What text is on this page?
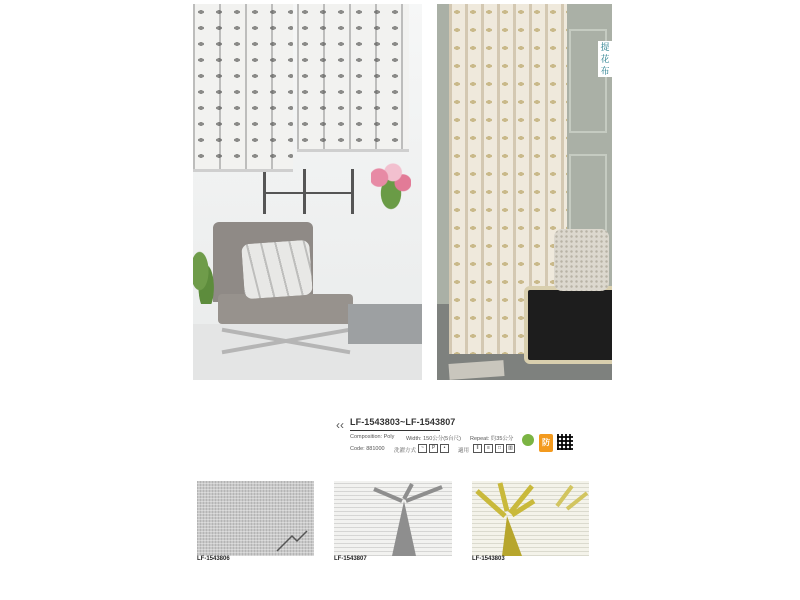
提花布
‹‹ LF-1543803~LF-1543807
Composition: Poly Width: 150公分(5台尺) Repeat: 約35公分
Code: 881000 洗濯方式	~	P	•	適用	‖	≡	□	▥
防
LF-1543806	LF-1543807	LF-1543803
